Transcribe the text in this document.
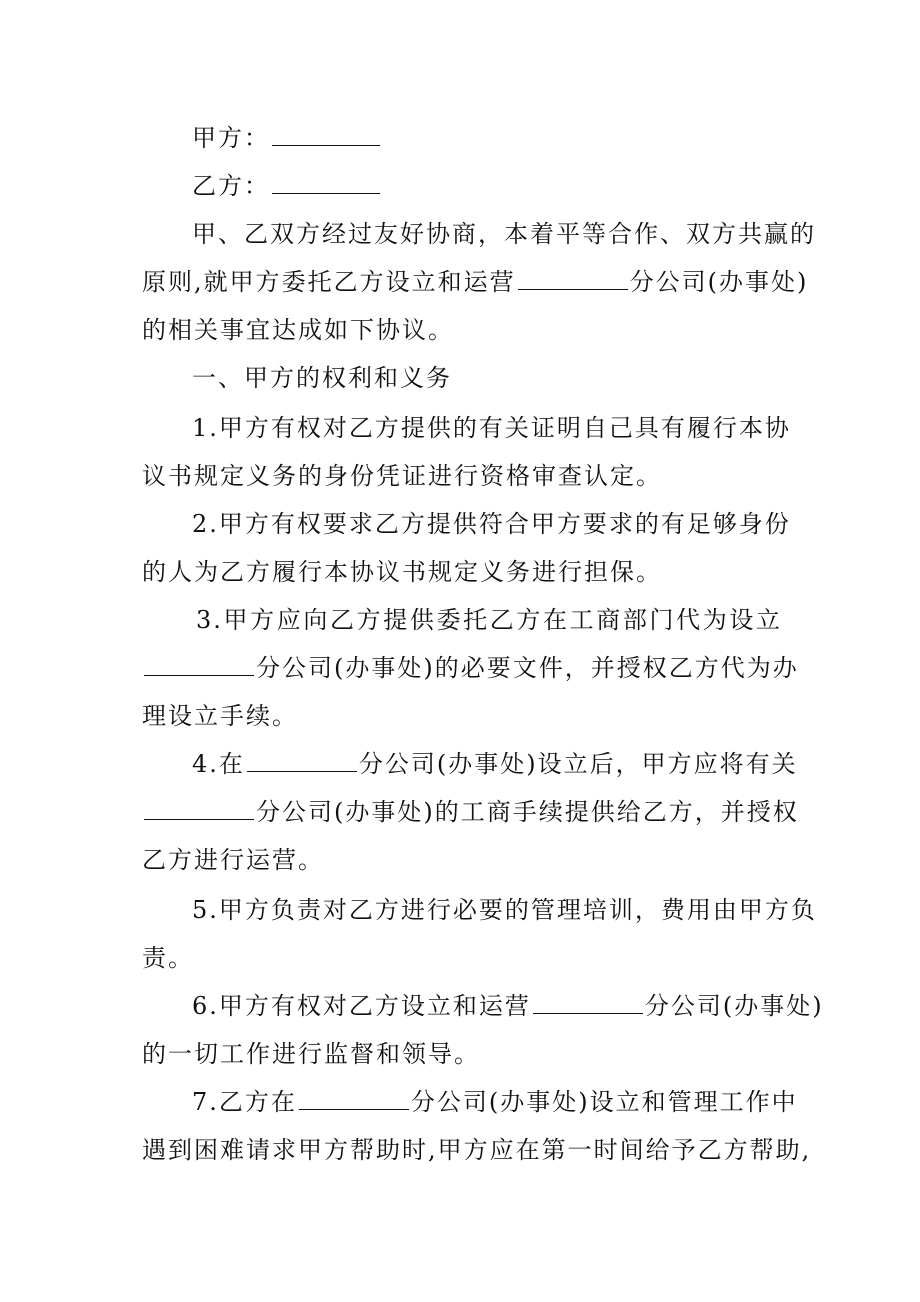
甲方：
乙方：
甲、乙双方经过友好协商，本着平等合作、双方共赢的
原则,就甲方委托乙方设立和运营	分公司(办事处)
的相关事宜达成如下协议。
一、甲方的权利和义务
1.甲方有权对乙方提供的有关证明自己具有履行本协
议书规定义务的身份凭证进行资格审查认定。
2.甲方有权要求乙方提供符合甲方要求的有足够身份
的人为乙方履行本协议书规定义务进行担保。
3.甲方应向乙方提供委托乙方在工商部门代为设立
分公司(办事处)的必要文件，并授权乙方代为办
理设立手续。
4.在	分公司(办事处)设立后，甲方应将有关
分公司(办事处)的工商手续提供给乙方，并授权
乙方进行运营。
5.甲方负责对乙方进行必要的管理培训，费用由甲方负
责。
6.甲方有权对乙方设立和运营	分公司(办事处)
的一切工作进行监督和领导。
7.乙方在	分公司(办事处)设立和管理工作中
遇到困难请求甲方帮助时,甲方应在第一时间给予乙方帮助,
